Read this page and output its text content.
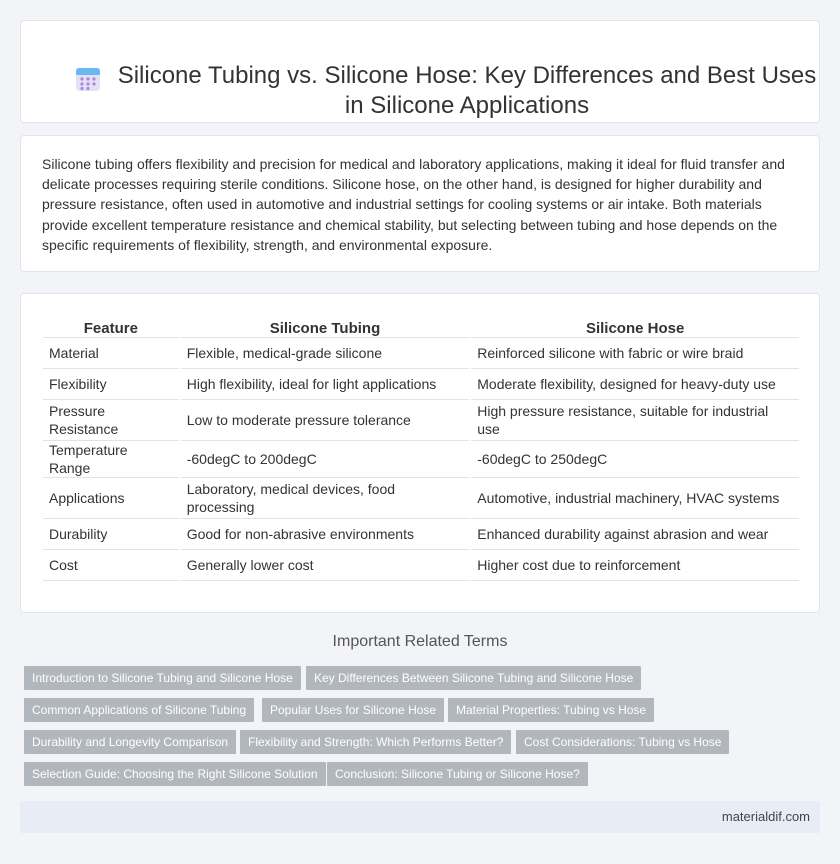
Silicone Tubing vs. Silicone Hose: Key Differences and Best Uses in Silicone Applications

Silicone tubing offers flexibility and precision for medical and laboratory applications, making it ideal for fluid transfer and delicate processes requiring sterile conditions. Silicone hose, on the other hand, is designed for higher durability and pressure resistance, often used in automotive and industrial settings for cooling systems or air intake. Both materials provide excellent temperature resistance and chemical stability, but selecting between tubing and hose depends on the specific requirements of flexibility, strength, and environmental exposure.

Feature	Silicone Tubing	Silicone Hose
Material	Flexible, medical-grade silicone	Reinforced silicone with fabric or wire braid
Flexibility	High flexibility, ideal for light applications	Moderate flexibility, designed for heavy-duty use
Pressure Resistance	Low to moderate pressure tolerance	High pressure resistance, suitable for industrial use
Temperature Range	-60degC to 200degC	-60degC to 250degC
Applications	Laboratory, medical devices, food processing	Automotive, industrial machinery, HVAC systems
Durability	Good for non-abrasive environments	Enhanced durability against abrasion and wear
Cost	Generally lower cost	Higher cost due to reinforcement
Important Related Terms
Introduction to Silicone Tubing and Silicone Hose	Key Differences Between Silicone Tubing and Silicone Hose
Common Applications of Silicone Tubing	Popular Uses for Silicone Hose	Material Properties: Tubing vs Hose
Durability and Longevity Comparison	Flexibility and Strength: Which Performs Better?	Cost Considerations: Tubing vs Hose
Selection Guide: Choosing the Right Silicone Solution	Conclusion: Silicone Tubing or Silicone Hose?
materialdif.com
